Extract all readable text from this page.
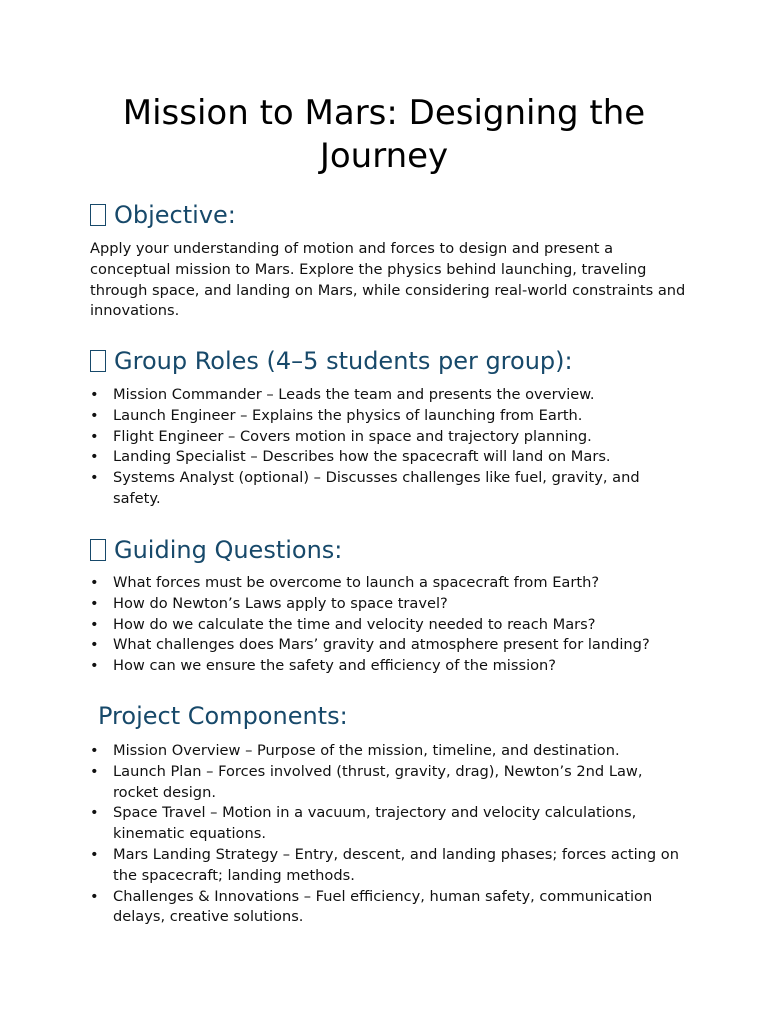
Mission to Mars: Designing the Journey
Objective:

Apply your understanding of motion and forces to design and present a conceptual mission to Mars. Explore the physics behind launching, traveling through space, and landing on Mars, while considering real-world constraints and innovations.

Group Roles (4–5 students per group):
• Mission Commander – Leads the team and presents the overview.
• Launch Engineer – Explains the physics of launching from Earth.
• Flight Engineer – Covers motion in space and trajectory planning.
• Landing Specialist – Describes how the spacecraft will land on Mars.
• Systems Analyst (optional) – Discusses challenges like fuel, gravity, and safety.
Guiding Questions:
• What forces must be overcome to launch a spacecraft from Earth?
• How do Newton’s Laws apply to space travel?
• How do we calculate the time and velocity needed to reach Mars?
• What challenges does Mars’ gravity and atmosphere present for landing?
• How can we ensure the safety and efficiency of the mission?
Project Components:
• Mission Overview – Purpose of the mission, timeline, and destination.
• Launch Plan – Forces involved (thrust, gravity, drag), Newton’s 2nd Law, rocket design.
• Space Travel – Motion in a vacuum, trajectory and velocity calculations, kinematic equations.
• Mars Landing Strategy – Entry, descent, and landing phases; forces acting on the spacecraft; landing methods.
• Challenges & Innovations – Fuel efficiency, human safety, communication delays, creative solutions.
